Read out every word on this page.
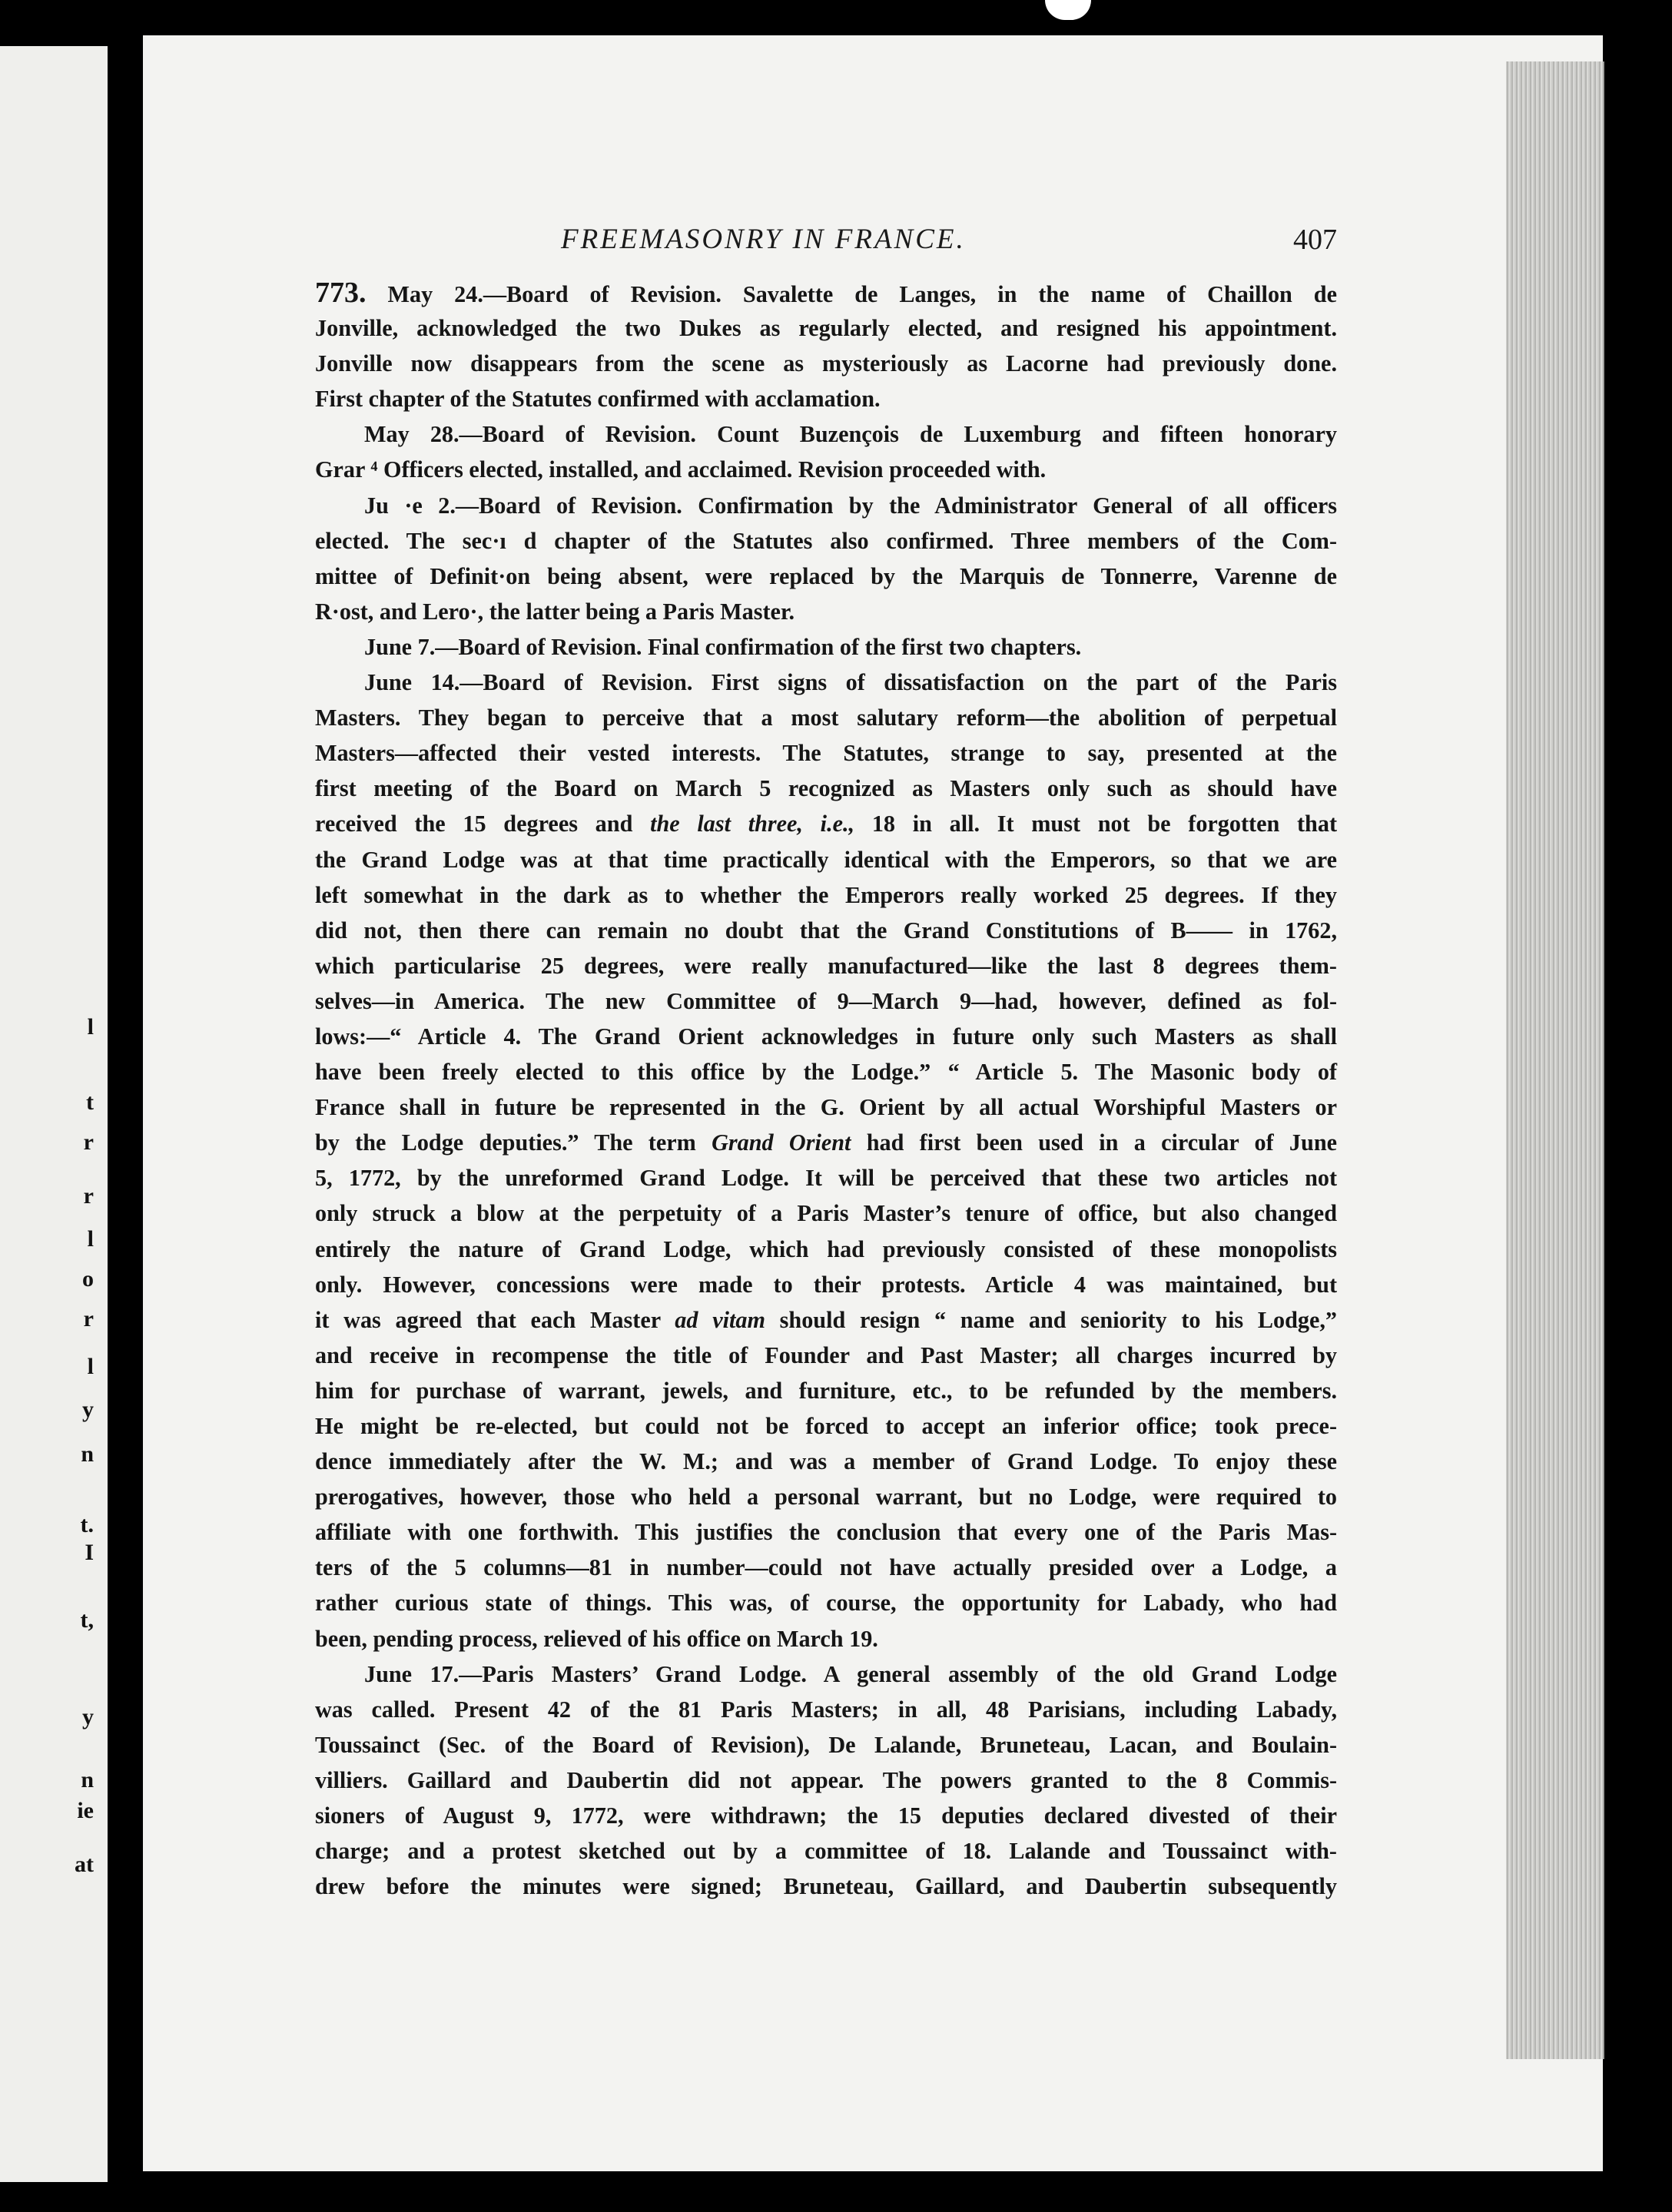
l
t
r
r
l
o
r
l
y
n
t.
I
t,
y
n
ie
at
FREEMASONRY IN FRANCE.	407
773. May 24.—Board of Revision. Savalette de Langes, in the name of Chaillon de
Jonville, acknowledged the two Dukes as regularly elected, and resigned his appointment.
Jonville now disappears from the scene as mysteriously as Lacorne had previously done.
First chapter of the Statutes confirmed with acclamation.
May 28.—Board of Revision. Count Buzençois de Luxemburg and fifteen honorary
Grar ⁴ Officers elected, installed, and acclaimed. Revision proceeded with.
Ju ·e 2.—Board of Revision. Confirmation by the Administrator General of all officers
elected. The sec·ı d chapter of the Statutes also confirmed. Three members of the Com-
mittee of Definit·on being absent, were replaced by the Marquis de Tonnerre, Varenne de
R·ost, and Lero·, the latter being a Paris Master.
June 7.—Board of Revision. Final confirmation of the first two chapters.
June 14.—Board of Revision. First signs of dissatisfaction on the part of the Paris
Masters. They began to perceive that a most salutary reform—the abolition of perpetual
Masters—affected their vested interests. The Statutes, strange to say, presented at the
first meeting of the Board on March 5 recognized as Masters only such as should have
received the 15 degrees and the last three, i.e., 18 in all. It must not be forgotten that
the Grand Lodge was at that time practically identical with the Emperors, so that we are
left somewhat in the dark as to whether the Emperors really worked 25 degrees. If they
did not, then there can remain no doubt that the Grand Constitutions of B—— in 1762,
which particularise 25 degrees, were really manufactured—like the last 8 degrees them-
selves—in America. The new Committee of 9—March 9—had, however, defined as fol-
lows:—“ Article 4. The Grand Orient acknowledges in future only such Masters as shall
have been freely elected to this office by the Lodge.” “ Article 5. The Masonic body of
France shall in future be represented in the G. Orient by all actual Worshipful Masters or
by the Lodge deputies.” The term Grand Orient had first been used in a circular of June
5, 1772, by the unreformed Grand Lodge. It will be perceived that these two articles not
only struck a blow at the perpetuity of a Paris Master’s tenure of office, but also changed
entirely the nature of Grand Lodge, which had previously consisted of these monopolists
only. However, concessions were made to their protests. Article 4 was maintained, but
it was agreed that each Master ad vitam should resign “ name and seniority to his Lodge,”
and receive in recompense the title of Founder and Past Master; all charges incurred by
him for purchase of warrant, jewels, and furniture, etc., to be refunded by the members.
He might be re-elected, but could not be forced to accept an inferior office; took prece-
dence immediately after the W. M.; and was a member of Grand Lodge. To enjoy these
prerogatives, however, those who held a personal warrant, but no Lodge, were required to
affiliate with one forthwith. This justifies the conclusion that every one of the Paris Mas-
ters of the 5 columns—81 in number—could not have actually presided over a Lodge, a
rather curious state of things. This was, of course, the opportunity for Labady, who had
been, pending process, relieved of his office on March 19.
June 17.—Paris Masters’ Grand Lodge. A general assembly of the old Grand Lodge
was called. Present 42 of the 81 Paris Masters; in all, 48 Parisians, including Labady,
Toussainct (Sec. of the Board of Revision), De Lalande, Bruneteau, Lacan, and Boulain-
villiers. Gaillard and Daubertin did not appear. The powers granted to the 8 Commis-
sioners of August 9, 1772, were withdrawn; the 15 deputies declared divested of their
charge; and a protest sketched out by a committee of 18. Lalande and Toussainct with-
drew before the minutes were signed; Bruneteau, Gaillard, and Daubertin subsequently
